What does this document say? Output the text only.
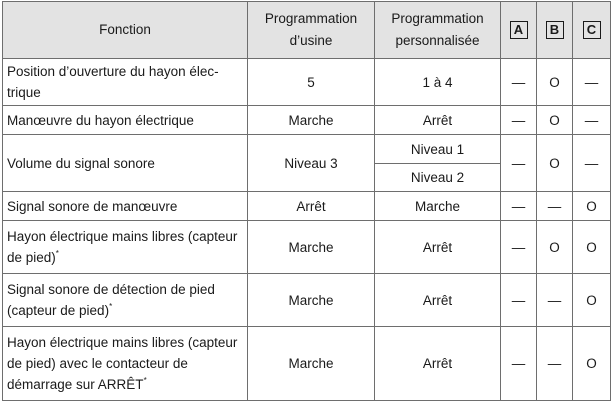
Fonction	Programmation d’usine	Programmation personnalisée	A	B	C
Position d’ouverture du hayon électrique	5	1 à 4	—	O	—
Manœuvre du hayon électrique	Marche	Arrêt	—	O	—
Volume du signal sonore	Niveau 3	Niveau 1	—	O	—
		Niveau 2			
Signal sonore de manœuvre	Arrêt	Marche	—	—	O
Hayon électrique mains libres (capteur de pied)*	Marche	Arrêt	—	O	O
Signal sonore de détection de pied (capteur de pied)*	Marche	Arrêt	—	—	O
Hayon électrique mains libres (capteur de pied) avec le contacteur de démarrage sur ARRÊT*	Marche	Arrêt	—	—	O
